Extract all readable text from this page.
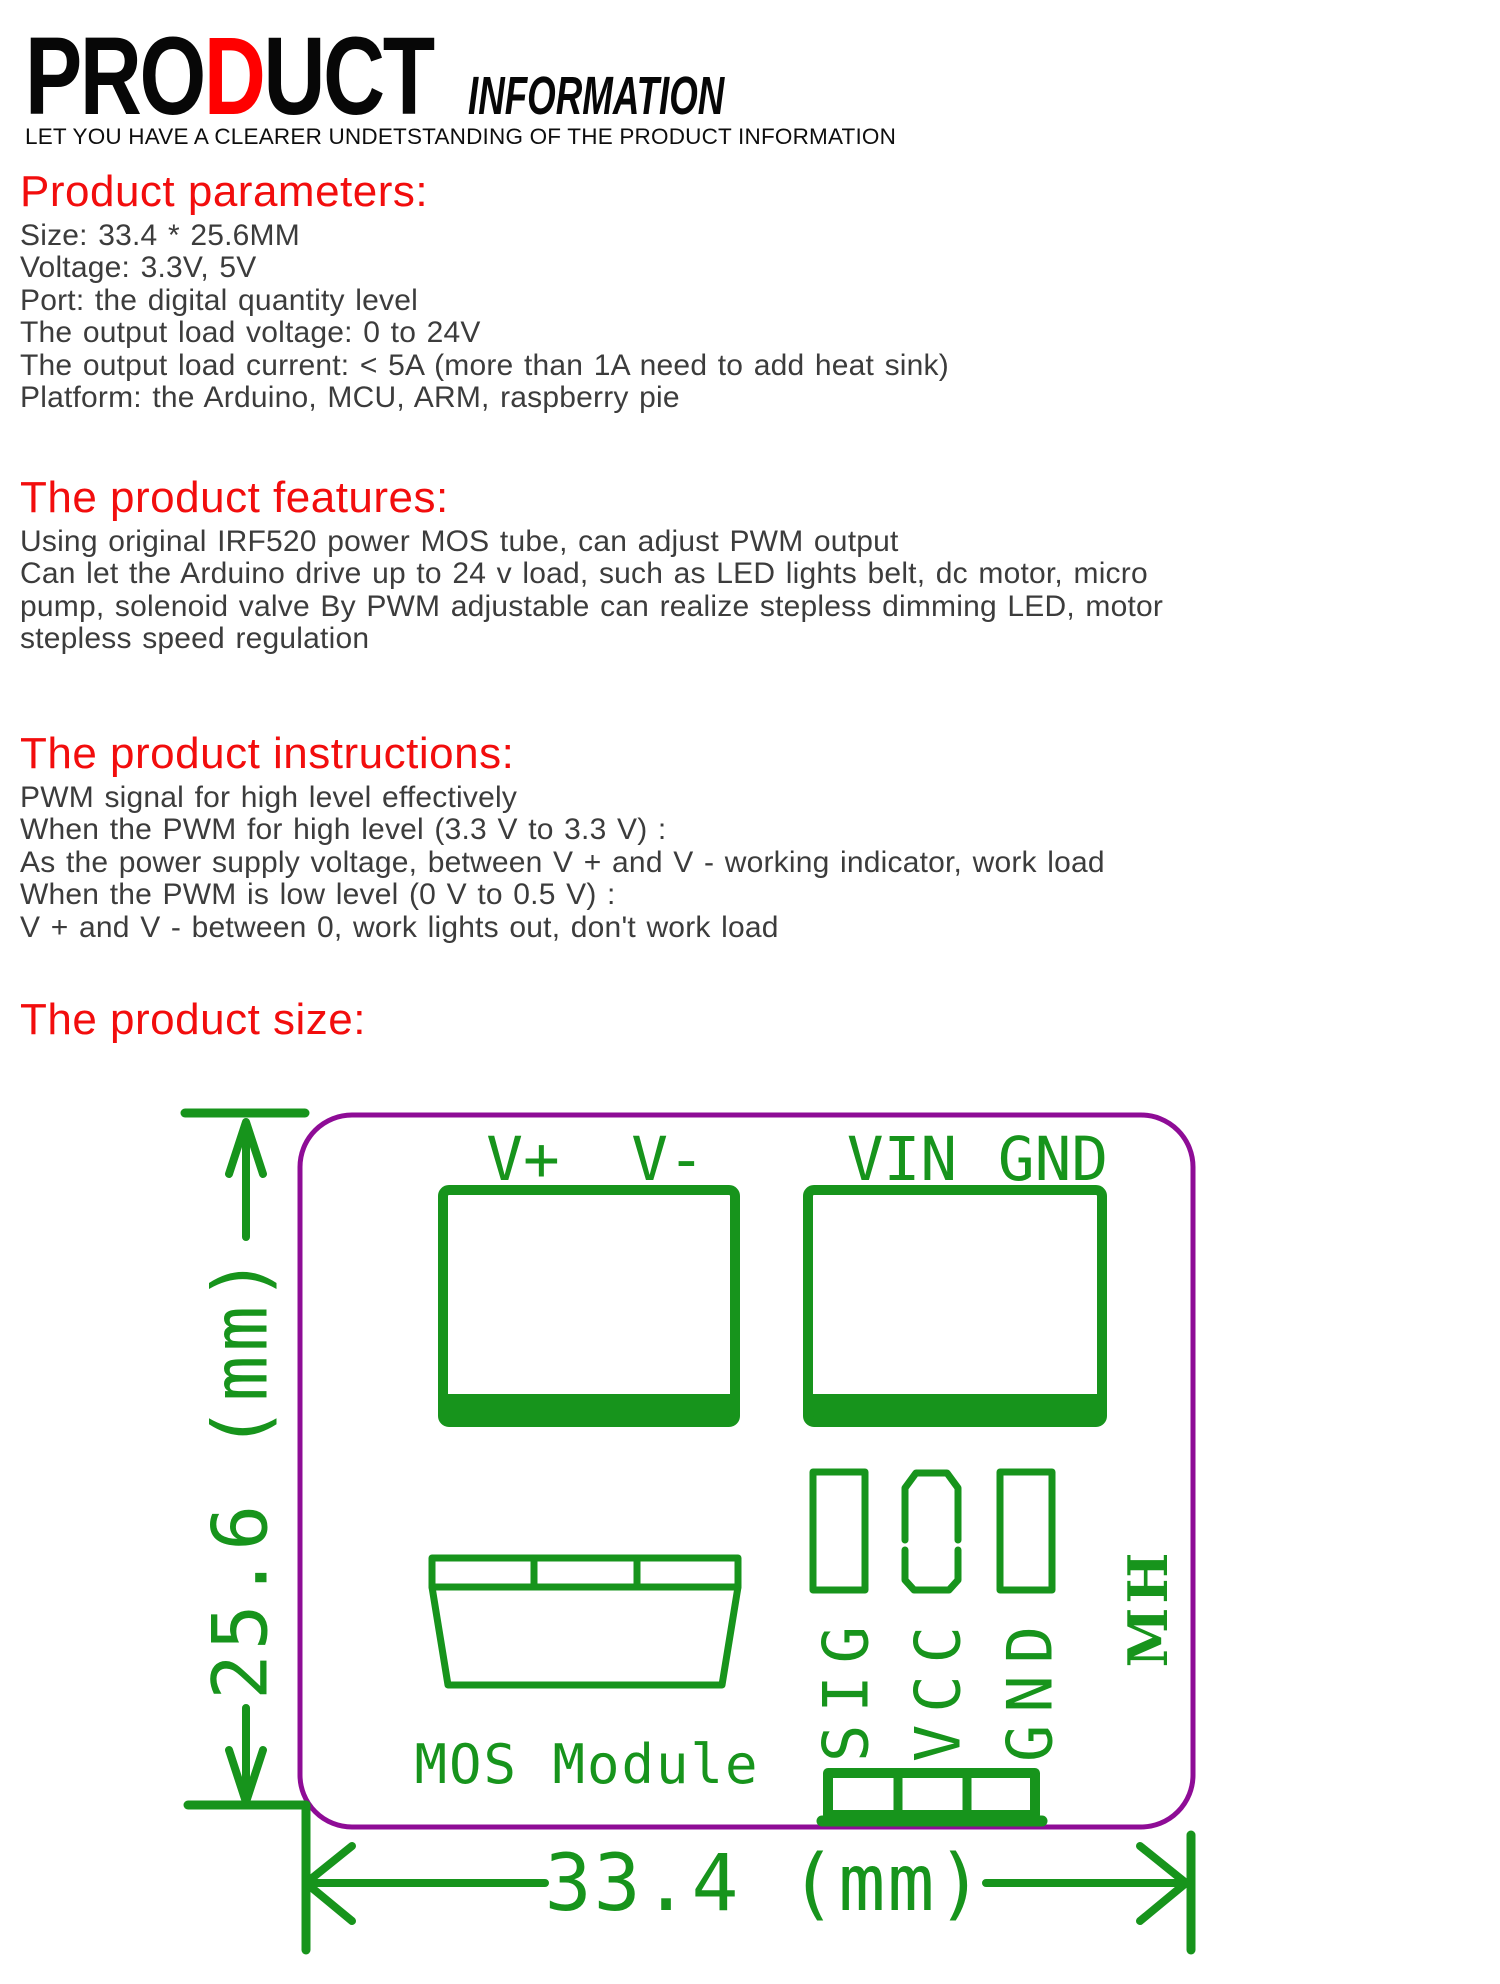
PRODUCT INFORMATION
LET YOU HAVE A CLEARER UNDETSTANDING OF THE PRODUCT INFORMATION
Product parameters:
Size: 33.4 * 25.6MM
Voltage: 3.3V, 5V
Port: the digital quantity level
The output load voltage: 0 to 24V
The output load current: < 5A (more than 1A need to add heat sink)
Platform: the Arduino, MCU, ARM, raspberry pie
The product features:
Using original IRF520 power MOS tube, can adjust PWM output
Can let the Arduino drive up to 24 v load, such as LED lights belt, dc motor, micro
pump, solenoid valve By PWM adjustable can realize stepless dimming LED, motor
stepless speed regulation
The product instructions:
PWM signal for high level effectively
When the PWM for high level (3.3 V to 3.3 V) :
As the power supply voltage, between V + and V - working indicator, work load
When the PWM is low level (0 V to 0.5 V) :
V + and V - between 0, work lights out, don't work load
The product size:
25.6 (mm)
V+ V- VIN GND
MOS Module
SIG VCC GND
MH
33.4 (mm)
